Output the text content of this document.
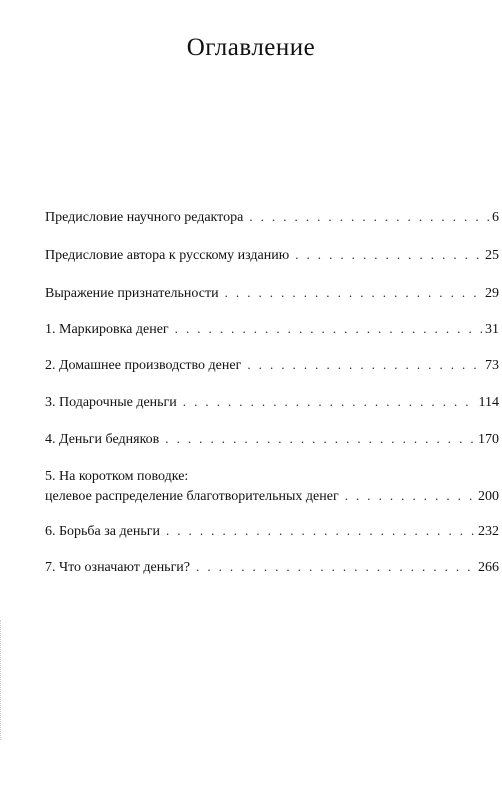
Оглавление
Предисловие научного редактора . . .	6
Предисловие автора к русскому изданию . . .	25
Выражение признательности . . .	29
1. Маркировка денег . . .	31
2. Домашнее производство денег . . .	73
3. Подарочные деньги . . .	114
4. Деньги бедняков . . .	170
5. На коротком поводке:
целевое распределение благотворительных денег . . .	200
6. Борьба за деньги . . .	232
7. Что означают деньги? . . .	266
